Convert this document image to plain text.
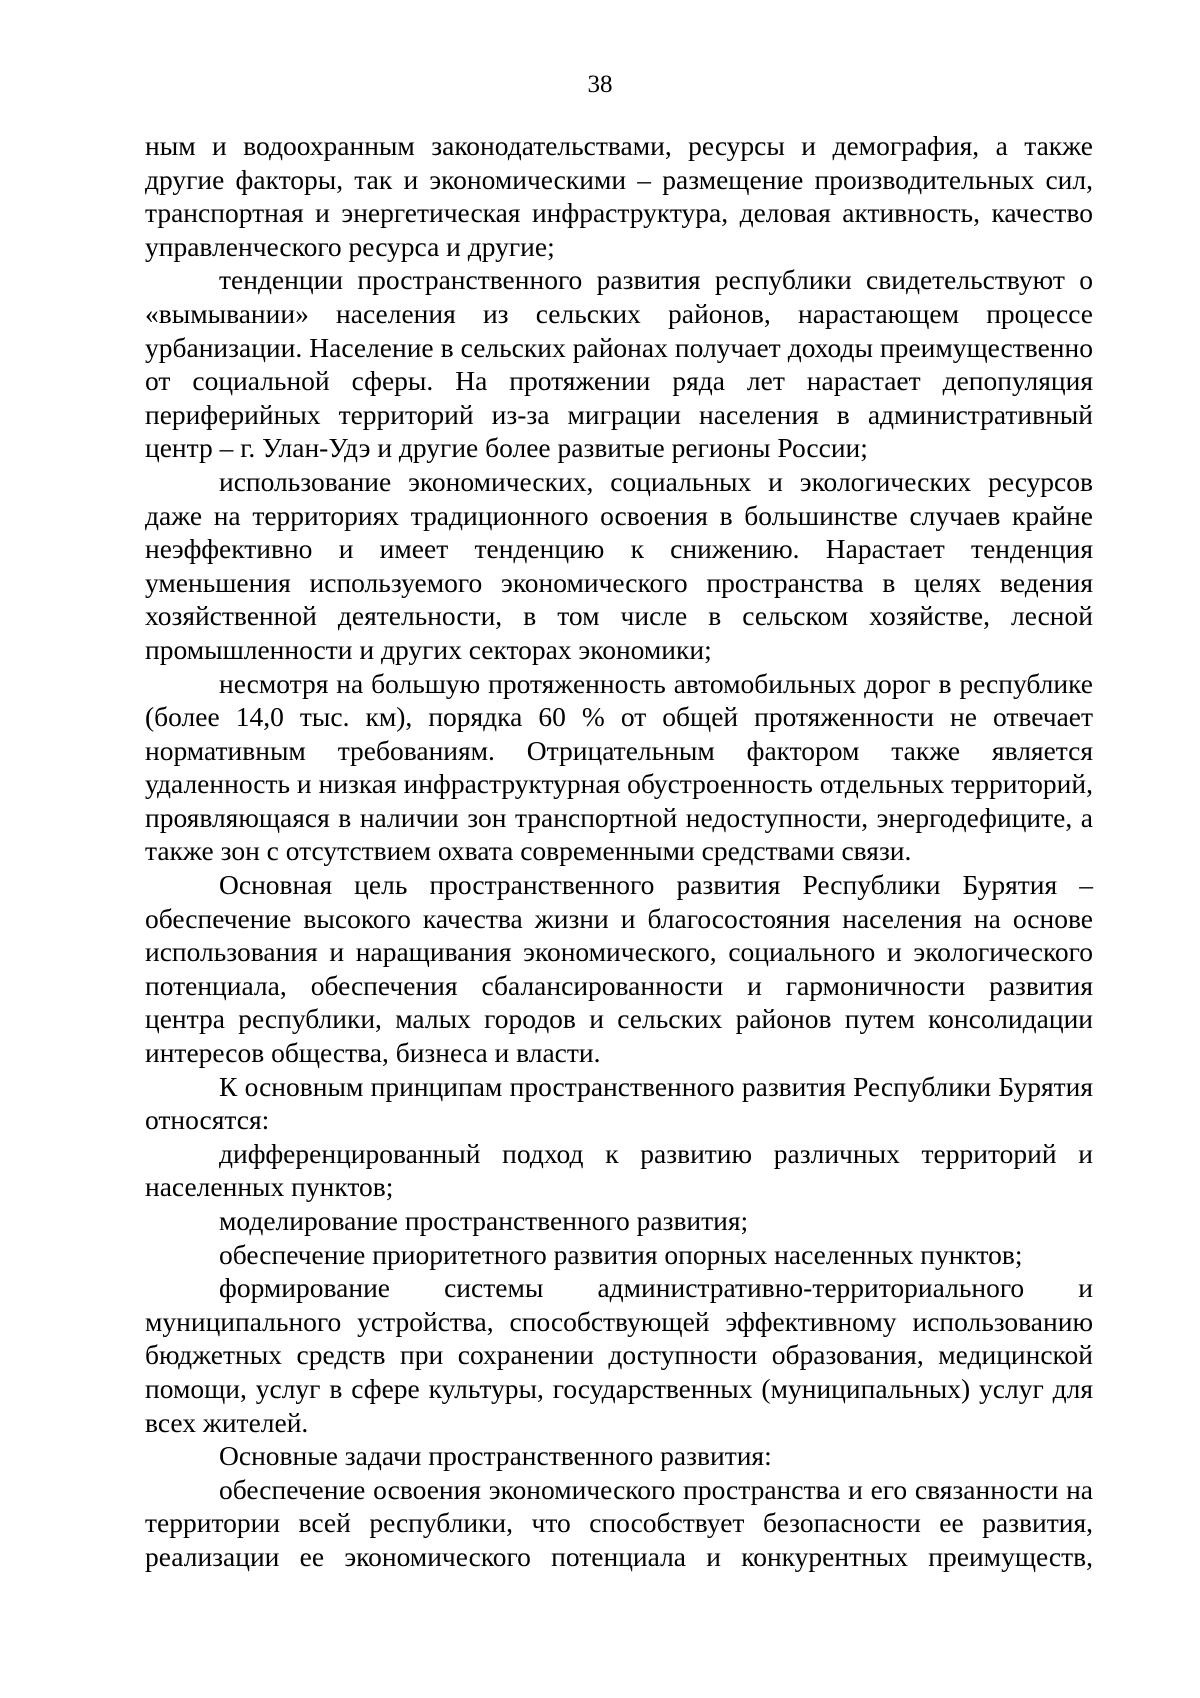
38

ным и водоохранным законодательствами, ресурсы и демография, а также другие факторы, так и экономическими – размещение производительных сил, транспортная и энергетическая инфраструктура, деловая активность, качество управленческого ресурса и другие;

тенденции пространственного развития республики свидетельствуют о «вымывании» населения из сельских районов, нарастающем процессе урбанизации. Население в сельских районах получает доходы преимущественно от социальной сферы. На протяжении ряда лет нарастает депопуляция периферийных территорий из-за миграции населения в административный центр – г. Улан-Удэ и другие более развитые регионы России;

использование экономических, социальных и экологических ресурсов даже на территориях традиционного освоения в большинстве случаев крайне неэффективно и имеет тенденцию к снижению. Нарастает тенденция уменьшения используемого экономического пространства в целях ведения хозяйственной деятельности, в том числе в сельском хозяйстве, лесной промышленности и других секторах экономики;

несмотря на большую протяженность автомобильных дорог в республике (более 14,0 тыс. км), порядка 60 % от общей протяженности не отвечает нормативным требованиям. Отрицательным фактором также является удаленность и низкая инфраструктурная обустроенность отдельных территорий, проявляющаяся в наличии зон транспортной недоступности, энергодефиците, а также зон с отсутствием охвата современными средствами связи.

Основная цель пространственного развития Республики Бурятия – обеспечение высокого качества жизни и благосостояния населения на основе использования и наращивания экономического, социального и экологического потенциала, обеспечения сбалансированности и гармоничности развития центра республики, малых городов и сельских районов путем консолидации интересов общества, бизнеса и власти.

К основным принципам пространственного развития Республики Бурятия относятся:

дифференцированный подход к развитию различных территорий и населенных пунктов;

моделирование пространственного развития;

обеспечение приоритетного развития опорных населенных пунктов;

формирование системы административно-территориального и муниципального устройства, способствующей эффективному использованию бюджетных средств при сохранении доступности образования, медицинской помощи, услуг в сфере культуры, государственных (муниципальных) услуг для всех жителей.

Основные задачи пространственного развития:

обеспечение освоения экономического пространства и его связанности на территории всей республики, что способствует безопасности ее развития, реализации ее экономического потенциала и конкурентных преимуществ,
